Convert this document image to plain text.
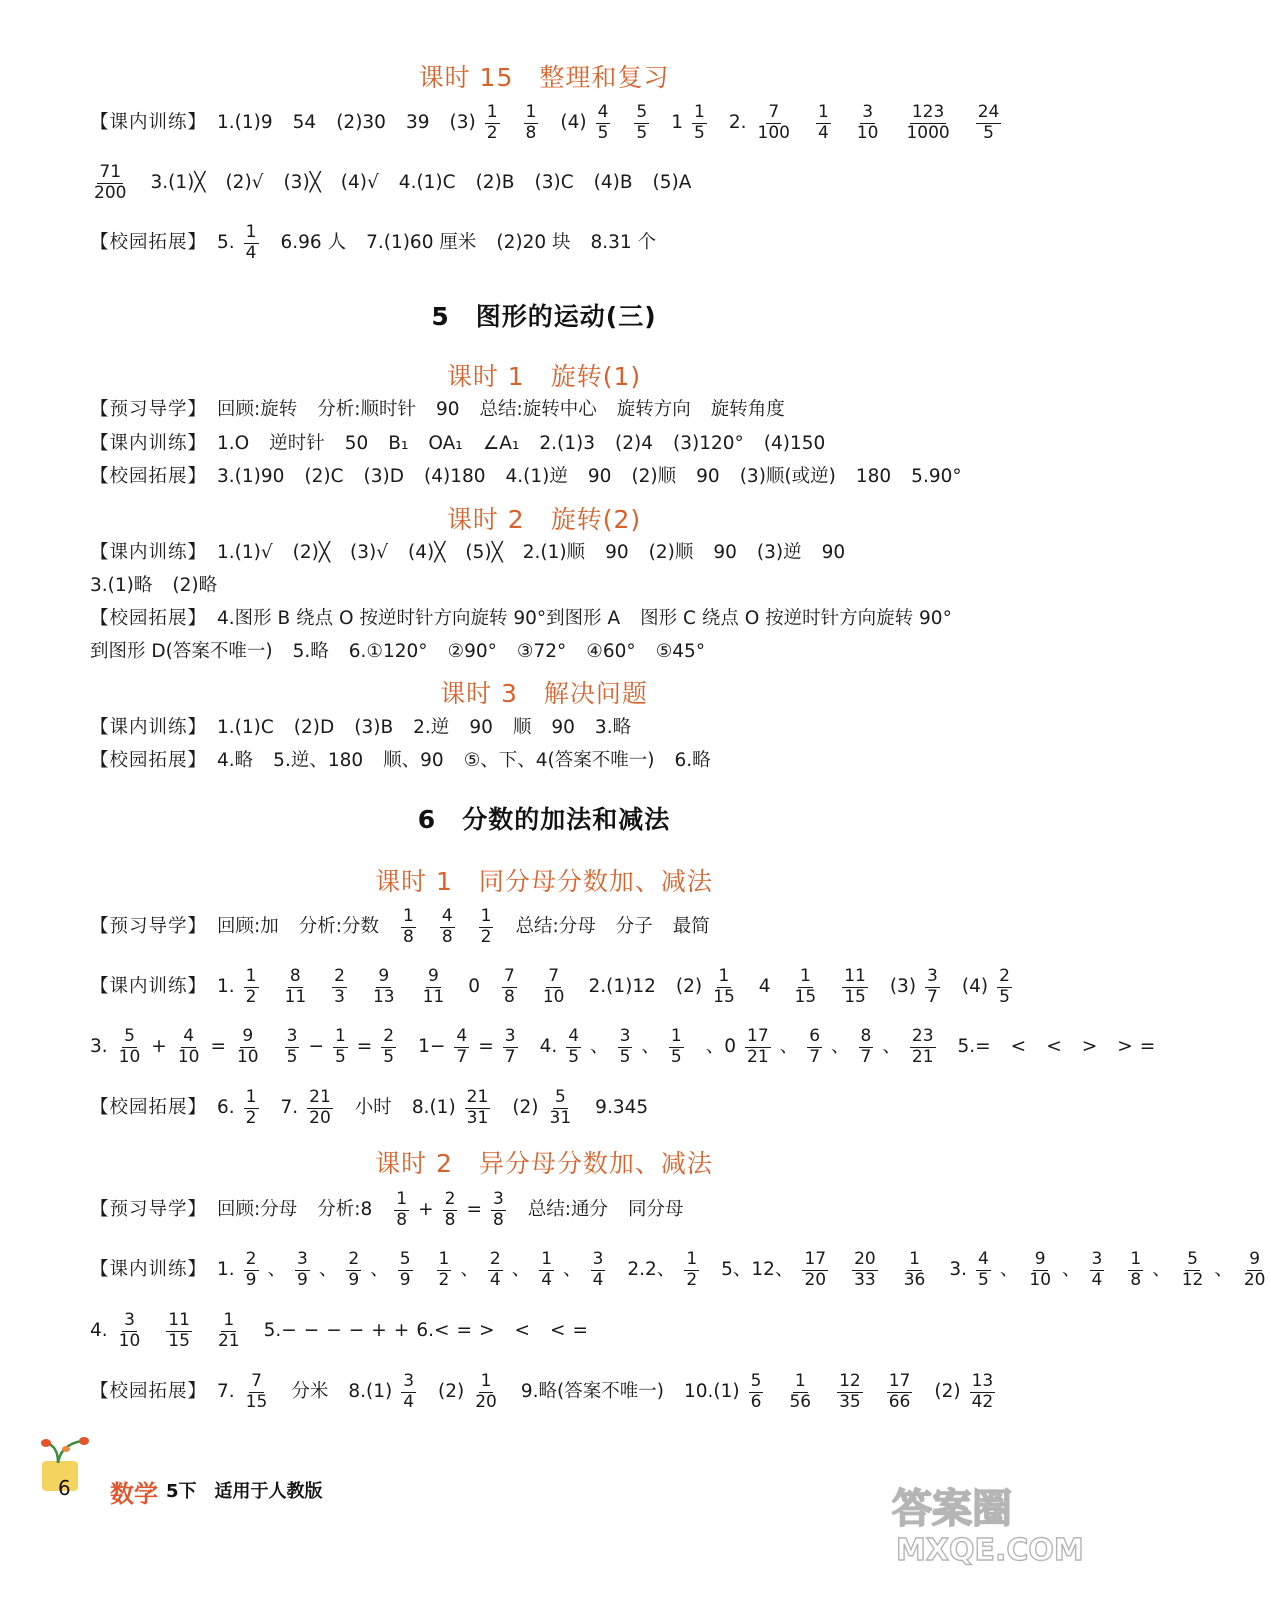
课时 15　整理和复习
【课内训练】 1.(1)9 54 (2)30 39 $(3) \frac{1}{2} \frac{1}{8} (4) \frac{4}{5} \frac{5}{5} 1 \frac{1}{5} 2$. $\frac{7}{100} \frac{1}{4} \frac{3}{10} \frac{123}{1000} \frac{24}{5}$
$\frac{71}{200}$ 3.(1)╳ (2)√ (3)╳ (4)√ 4.(1)C (2)B (3)C (4)B (5)A
【校园拓展】 5. $\frac{1}{4} 6.96$ 人 7.(1)60 厘米 (2)20 块 8.31 个
5　图形的运动(三)
课时 1　旋转(1)
【预习导学】 回顾:旋转 分析:顺时针 90 总结:旋转中心 旋转方向 旋转角度
【课内训练】 1.O 逆时针 50 B₁ OA₁ ∠A₁ 2.(1)3 (2)4 (3)120° (4)150
【校园拓展】 3.(1)90 (2)C (3)D (4)180 4.(1)逆 90 (2)顺 90 (3)顺(或逆) 180 5.90°
课时 2　旋转(2)
【课内训练】 1.(1)√ (2)╳ (3)√ (4)╳ (5)╳ 2.(1)顺 90 (2)顺 90 (3)逆 90
3.(1)略 (2)略
【校园拓展】 4.图形 B 绕点 O 按逆时针方向旋转 90°到图形 A 图形 C 绕点 O 按逆时针方向旋转 90°
到图形 D(答案不唯一) 5.略 6.①120° ②90° ③72° ④60° ⑤45°
课时 3　解决问题
【课内训练】 1.(1)C (2)D (3)B 2.逆 90 顺 90 3.略
【校园拓展】 4.略 5.逆、180 顺、90 ⑤、下、4(答案不唯一) 6.略
6　分数的加法和减法
课时 1　同分母分数加、减法
【预习导学】 回顾:加 分析:分数 $\frac{1}{8} \frac{4}{8} \frac{1}{2}$ 总结:分母 分子 最简
【课内训练】 1. $\frac{1}{2} \frac{8}{11} \frac{2}{3} \frac{9}{13} \frac{9}{11} 0 \frac{7}{8} \frac{7}{10} 2.(1)12$ $(2) \frac{1}{15} 4 \frac{1}{15} \frac{11}{15} (3) \frac{3}{7} (4) \frac{2}{5}$
3. $\frac{5}{10} + \frac{4}{10} = \frac{9}{10} \frac{3}{5} - \frac{1}{5} = \frac{2}{5} 1- \frac{4}{7} = \frac{3}{7} 4$. $\frac{4}{5}$ 、 $\frac{3}{5}$ 、 $\frac{1}{5}$ 、$0 \frac{17}{21}$ 、 $\frac{6}{7}$ 、 $\frac{8}{7}$ 、 $\frac{23}{21} 5.=$ < < > > =
【校园拓展】 6. $\frac{1}{2} 7$. $\frac{21}{20}$ 小时 $8.(1) \frac{21}{31} (2) \frac{5}{31} 9.345$
课时 2　异分母分数加、减法
【预习导学】 回顾:分母 分析:8 $\frac{1}{8} + \frac{2}{8} = \frac{3}{8}$ 总结:通分 同分母
【课内训练】 1. $\frac{2}{9}$ 、 $\frac{3}{9}$ 、 $\frac{2}{9}$ 、 $\frac{5}{9} \frac{1}{2}$ 、 $\frac{2}{4}$ 、 $\frac{1}{4}$ 、 $\frac{3}{4} 2.2$、 $\frac{1}{2} 5$、12、 $\frac{17}{20} \frac{20}{33} \frac{1}{36} 3$. $\frac{4}{5}$ 、 $\frac{9}{10}$ 、 $\frac{3}{4} \frac{1}{8}$ 、 $\frac{5}{12}$ 、 $\frac{9}{20}$
4. $\frac{3}{10} \frac{11}{15} \frac{1}{21} 5.-$ − − − + + 6.< = > < < =
【校园拓展】 7. $\frac{7}{15}$ 分米 $8.(1) \frac{3}{4} (2) \frac{1}{20} 9$.略(答案不唯一) $10.(1) \frac{5}{6} \frac{1}{56} \frac{12}{35} \frac{17}{66} (2) \frac{13}{42}$
6 数学 5下　适用于人教版	答案圈
MXQE.COM
